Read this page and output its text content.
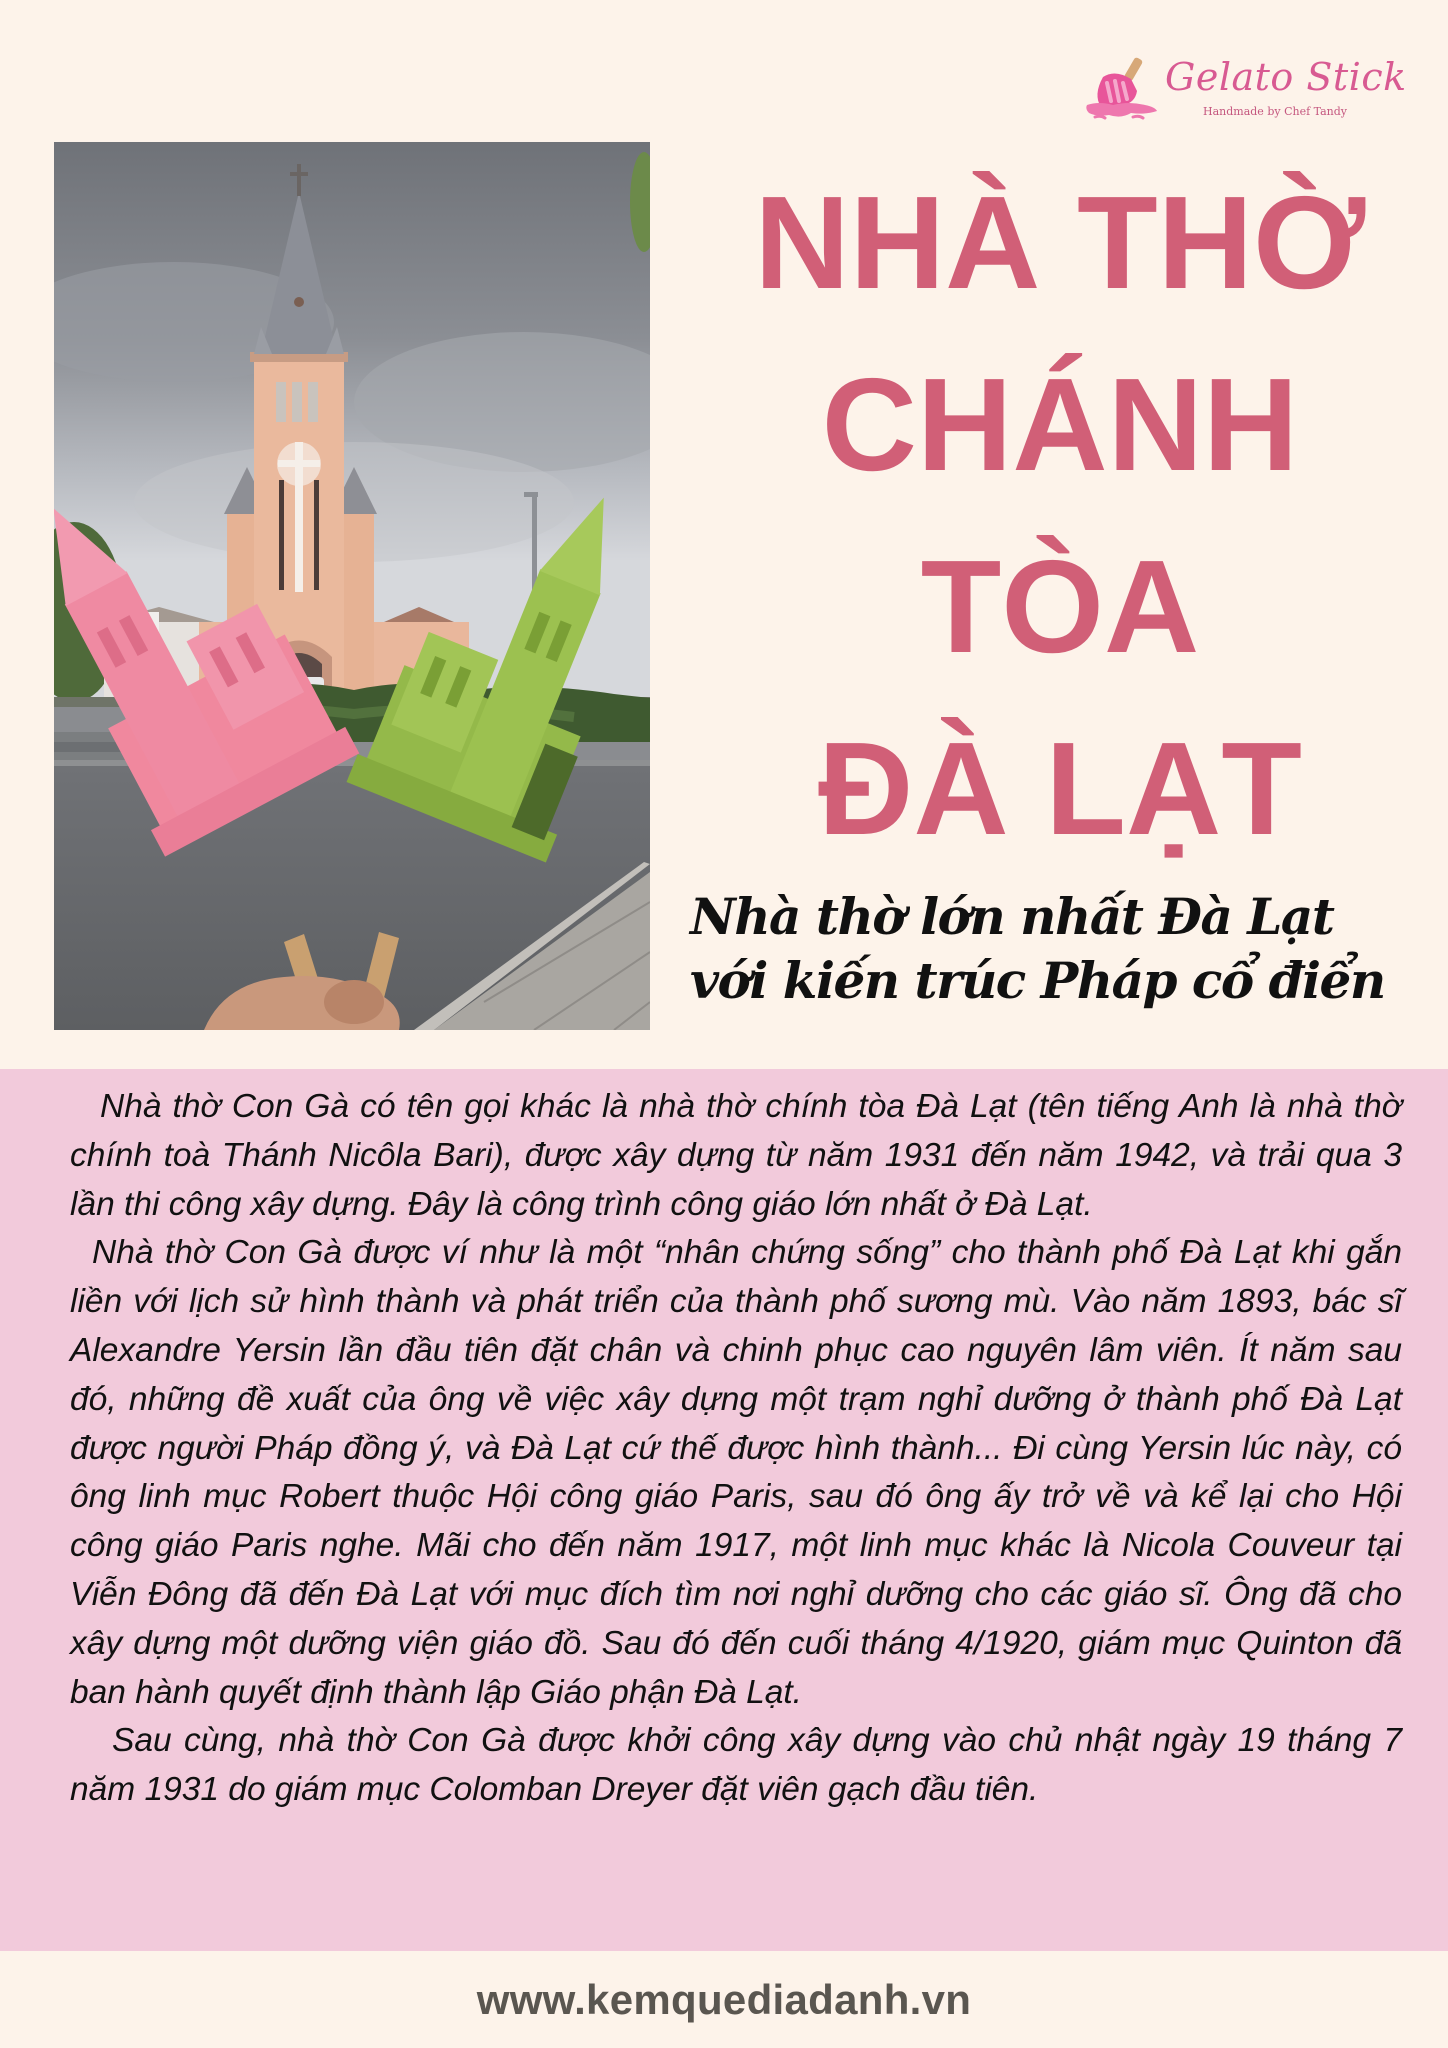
Gelato Stick
Handmade by Chef Tandy
NHÀ THỜ
CHÁNH
TÒA
ĐÀ LẠT
Nhà thờ lớn nhất Đà Lạt
với kiến trúc Pháp cổ điển

Nhà thờ Con Gà có tên gọi khác là nhà thờ chính tòa Đà Lạt (tên tiếng Anh là nhà thờ chính toà Thánh Nicôla Bari), được xây dựng từ năm 1931 đến năm 1942, và trải qua 3 lần thi công xây dựng. Đây là công trình công giáo lớn nhất ở Đà Lạt.

Nhà thờ Con Gà được ví như là một “nhân chứng sống” cho thành phố Đà Lạt khi gắn liền với lịch sử hình thành và phát triển của thành phố sương mù. Vào năm 1893, bác sĩ Alexandre Yersin lần đầu tiên đặt chân và chinh phục cao nguyên lâm viên. Ít năm sau đó, những đề xuất của ông về việc xây dựng một trạm nghỉ dưỡng ở thành phố Đà Lạt được người Pháp đồng ý, và Đà Lạt cứ thế được hình thành... Đi cùng Yersin lúc này, có ông linh mục Robert thuộc Hội công giáo Paris, sau đó ông ấy trở về và kể lại cho Hội công giáo Paris nghe. Mãi cho đến năm 1917, một linh mục khác là Nicola Couveur tại Viễn Đông đã đến Đà Lạt với mục đích tìm nơi nghỉ dưỡng cho các giáo sĩ. Ông đã cho xây dựng một dưỡng viện giáo đồ. Sau đó đến cuối tháng 4/1920, giám mục Quinton đã ban hành quyết định thành lập Giáo phận Đà Lạt.

Sau cùng, nhà thờ Con Gà được khởi công xây dựng vào chủ nhật ngày 19 tháng 7 năm 1931 do giám mục Colomban Dreyer đặt viên gạch đầu tiên.

www.kemquediadanh.vn
